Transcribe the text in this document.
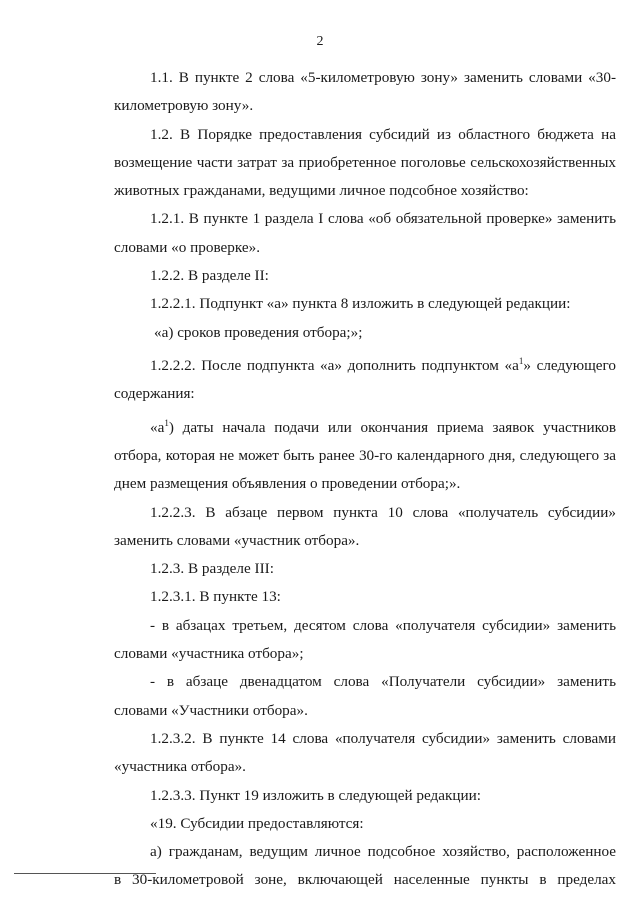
2

1.1. В пункте 2 слова «5-километровую зону» заменить словами «30-

километровую зону».

1.2. В Порядке предоставления субсидий из областного бюджета на

возмещение части затрат за приобретенное поголовье сельскохозяйственных

животных гражданами, ведущими личное подсобное хозяйство:

1.2.1. В пункте 1 раздела I слова «об обязательной проверке» заменить

словами «о проверке».

1.2.2. В разделе II:

1.2.2.1. Подпункт «а» пункта 8 изложить в следующей редакции:

«а) сроков проведения отбора;»;

1.2.2.2. После подпункта «а» дополнить подпунктом «$а^1$» следующего

содержания:

«$а^1$) даты начала подачи или окончания приема заявок участников

отбора, которая не может быть ранее 30-го календарного дня, следующего за

днем размещения объявления о проведении отбора;».

1.2.2.3. В абзаце первом пункта 10 слова «получатель субсидии»

заменить словами «участник отбора».

1.2.3. В разделе III:

1.2.3.1. В пункте 13:

- в абзацах третьем, десятом слова «получателя субсидии» заменить

словами «участника отбора»;

- в абзаце двенадцатом слова «Получатели субсидии» заменить

словами «Участники отбора».

1.2.3.2. В пункте 14 слова «получателя субсидии» заменить словами

«участника отбора».

1.2.3.3. Пункт 19 изложить в следующей редакции:

«19. Субсидии предоставляются:

а) гражданам, ведущим личное подсобное хозяйство, расположенное

в 30-километровой зоне, включающей населенные пункты в пределах
